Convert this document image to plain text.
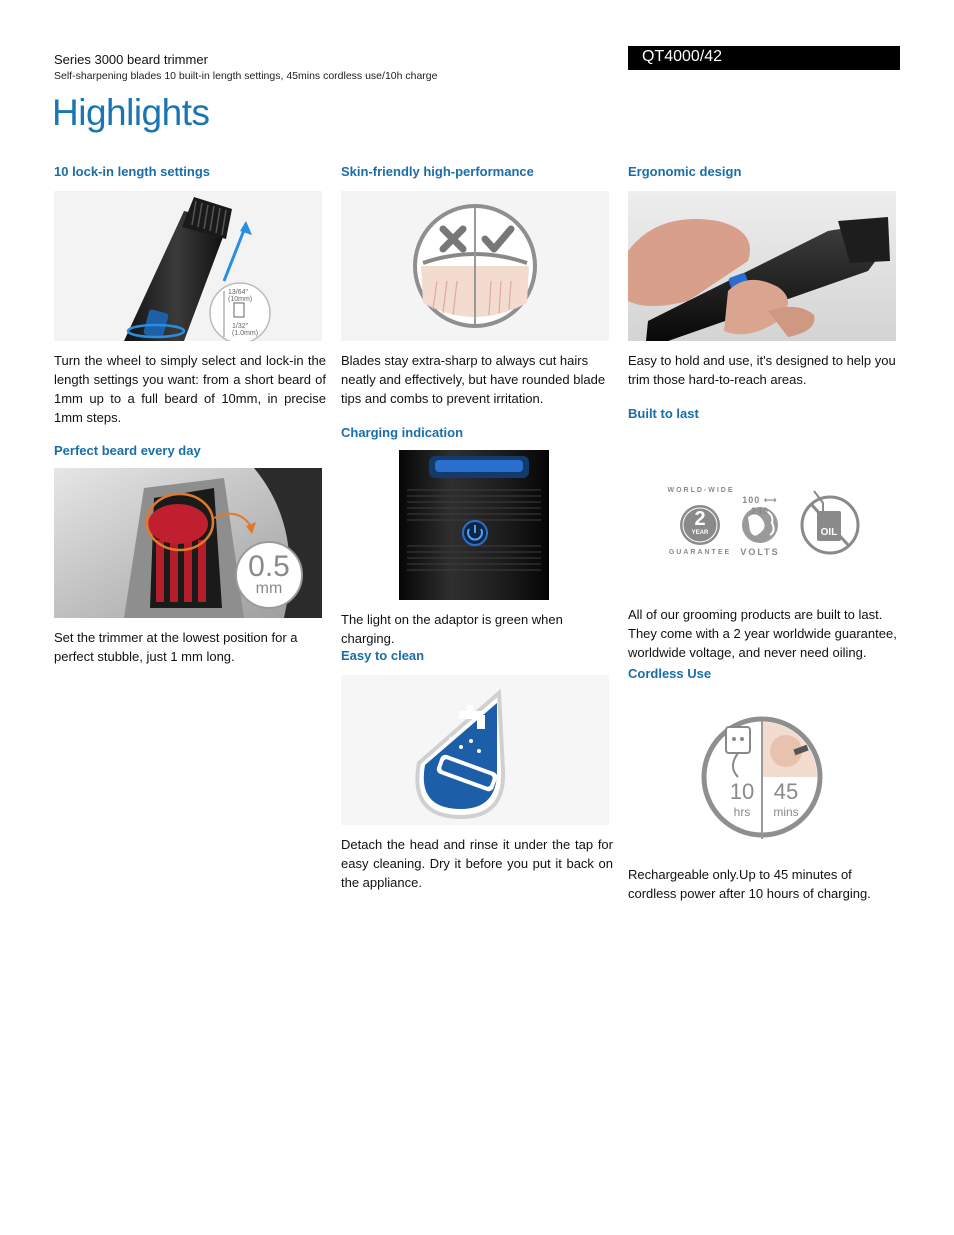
Series 3000 beard trimmer
Self-sharpening blades 10 built-in length settings, 45mins cordless use/10h charge
QT4000/42
Highlights
10 lock-in length settings
13/64"
(10mm)
1/32"
(1.0mm)
Turn the wheel to simply select and lock-in the length settings you want: from a short beard of 1mm up to a full beard of 10mm, in precise 1mm steps.
Perfect beard every day
0.5
mm
Set the trimmer at the lowest position for a perfect stubble, just 1 mm long.
Skin-friendly high-performance
Blades stay extra-sharp to always cut hairs neatly and effectively, but have rounded blade tips and combs to prevent irritation.
Charging indication
The light on the adaptor is green when charging.
Easy to clean
Detach the head and rinse it under the tap for easy cleaning. Dry it before you put it back on the appliance.
Ergonomic design
Easy to hold and use, it's designed to help you trim those hard-to-reach areas.
Built to last
WORLD-WIDE
2
YEAR
GUARANTEE
100 ⟷ 240
VOLTS
OIL
All of our grooming products are built to last. They come with a 2 year worldwide guarantee, worldwide voltage, and never need oiling.
Cordless Use
10
hrs
45
mins
Rechargeable only.Up to 45 minutes of cordless power after 10 hours of charging.
